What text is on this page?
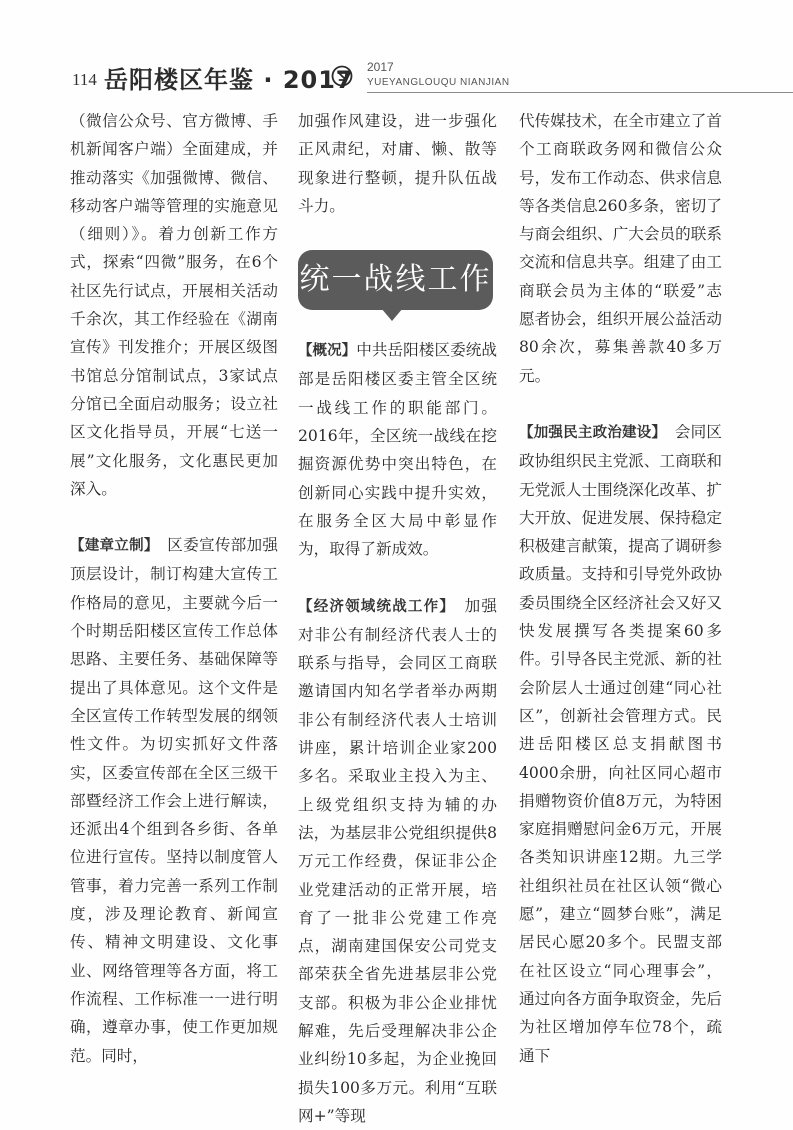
114 岳阳楼区年鉴 · 2017 2017
YUEYANGLOUQU NIANJIAN

（微信公众号、官方微博、手机新闻客户端）全面建成，并推动落实《加强微博、微信、移动客户端等管理的实施意见（细则）》。着力创新工作方式，探索“四微”服务，在6个社区先行试点，开展相关活动千余次，其工作经验在《湖南宣传》刊发推介；开展区级图书馆总分馆制试点，3家试点分馆已全面启动服务；设立社区文化指导员，开展“七送一展”文化服务，文化惠民更加深入。

【建章立制】　 区委宣传部加强顶层设计，制订构建大宣传工作格局的意见，主要就今后一个时期岳阳楼区宣传工作总体思路、主要任务、基础保障等提出了具体意见。这个文件是全区宣传工作转型发展的纲领性文件。为切实抓好文件落实，区委宣传部在全区三级干部暨经济工作会上进行解读，还派出4个组到各乡街、各单位进行宣传。坚持以制度管人管事，着力完善一系列工作制度，涉及理论教育、新闻宣传、精神文明建设、文化事业、网络管理等各方面，将工作流程、工作标准一一进行明确，遵章办事，使工作更加规范。同时，

加强作风建设，进一步强化正风肃纪，对庸、懒、散等现象进行整顿，提升队伍战斗力。

统一战线工作

【概况】中共岳阳楼区委统战部是岳阳楼区委主管全区统一战线工作的职能部门。2016年，全区统一战线在挖掘资源优势中突出特色，在创新同心实践中提升实效，在服务全区大局中彰显作为，取得了新成效。

【经济领域统战工作】　 加强对非公有制经济代表人士的联系与指导，会同区工商联邀请国内知名学者举办两期非公有制经济代表人士培训讲座，累计培训企业家200多名。采取业主投入为主、上级党组织支持为辅的办法，为基层非公党组织提供8万元工作经费，保证非公企业党建活动的正常开展，培育了一批非公党建工作亮点，湖南建国保安公司党支部荣获全省先进基层非公党支部。积极为非公企业排忧解难，先后受理解决非公企业纠纷10多起，为企业挽回损失100多万元。利用“互联网+”等现

代传媒技术，在全市建立了首个工商联政务网和微信公众号，发布工作动态、供求信息等各类信息260多条，密切了与商会组织、广大会员的联系交流和信息共享。组建了由工商联会员为主体的“联爱”志愿者协会，组织开展公益活动80余次，募集善款40多万元。

【加强民主政治建设】　 会同区政协组织民主党派、工商联和无党派人士围绕深化改革、扩大开放、促进发展、保持稳定积极建言献策，提高了调研参政质量。支持和引导党外政协委员围绕全区经济社会又好又快发展撰写各类提案60多件。引导各民主党派、新的社会阶层人士通过创建“同心社区”，创新社会管理方式。民进岳阳楼区总支捐献图书4000余册，向社区同心超市捐赠物资价值8万元，为特困家庭捐赠慰问金6万元，开展各类知识讲座12期。九三学社组织社员在社区认领“微心愿”，建立“圆梦台账”，满足居民心愿20多个。民盟支部在社区设立“同心理事会”，通过向各方面争取资金，先后为社区增加停车位78个，疏通下
